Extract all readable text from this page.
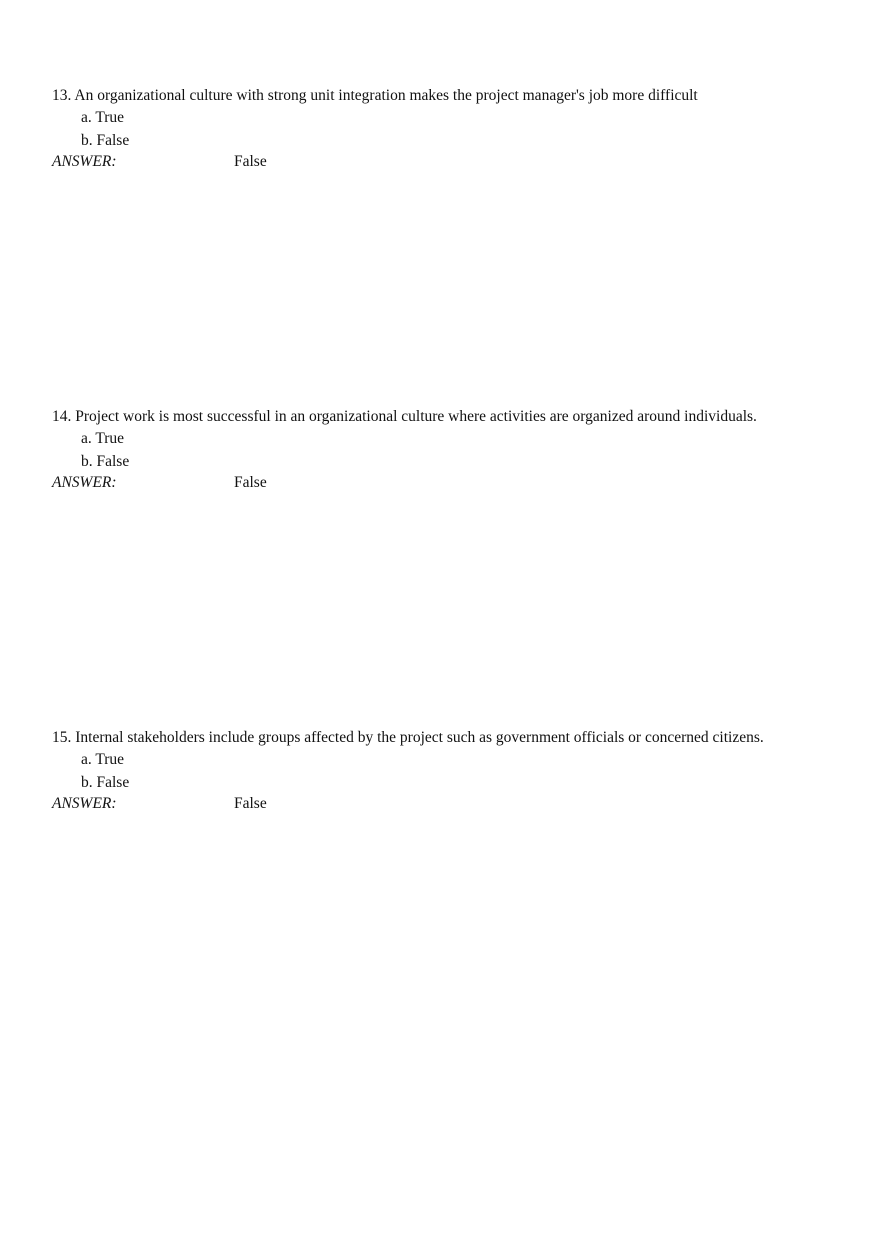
13. An organizational culture with strong unit integration makes the project manager's job more difficult
a. True
b. False
ANSWER:	False
14. Project work is most successful in an organizational culture where activities are organized around individuals.
a. True
b. False
ANSWER:	False
15. Internal stakeholders include groups affected by the project such as government officials or concerned citizens.
a. True
b. False
ANSWER:	False
